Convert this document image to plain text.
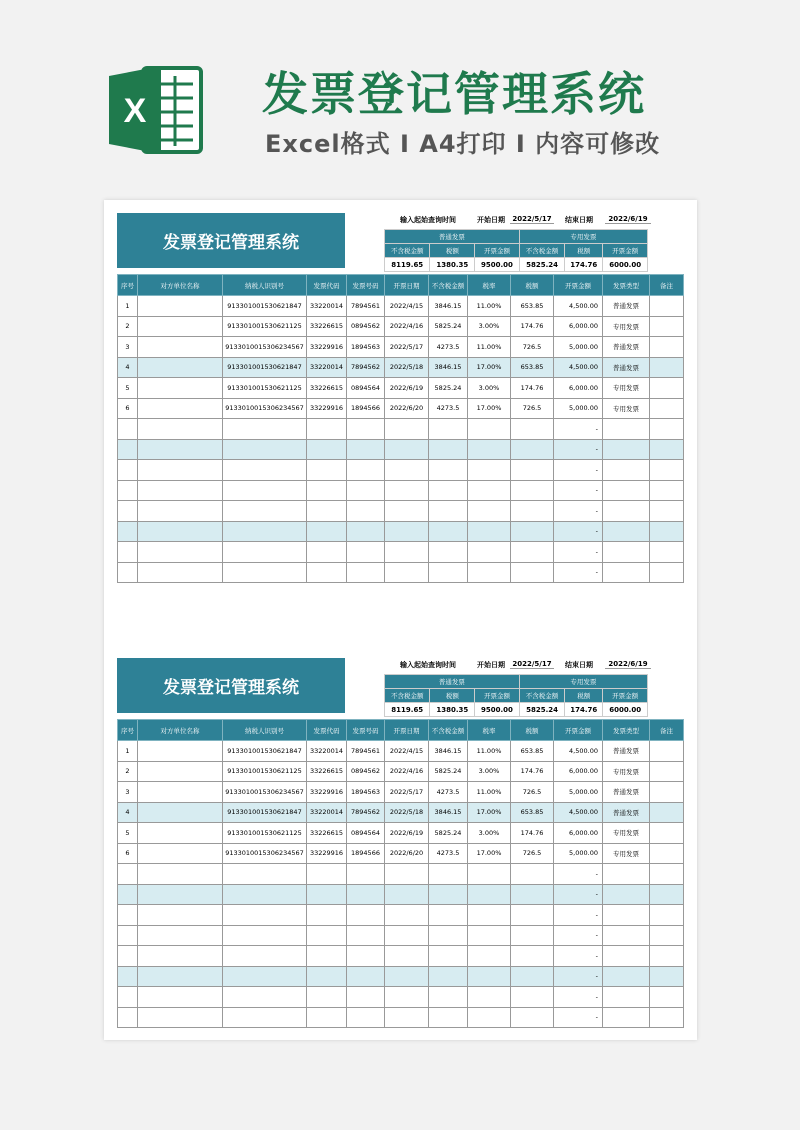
X	发票登记管理系统
Excel格式 I A4打印 I 内容可修改
发票登记管理系统
输入起始查询时间	开始日期	2022/5/17	结束日期	2022/6/19
普通发票			专用发票		
不含税金额	税额	开票金额	不含税金额	税额	开票金额
8119.65	1380.35	9500.00	5825.24	174.76	6000.00
序号	对方单位名称	纳税人识别号	发票代码	发票号码	开票日期	不含税金额	税率	税额	开票金额	发票类型	备注
1		913301001530621847	33220014	7894561	2022/4/15	3846.15	11.00%	653.85	4,500.00	普通发票	
2		913301001530621125	33226615	0894562	2022/4/16	5825.24	3.00%	174.76	6,000.00	专用发票	
3		9133010015306234567	33229916	1894563	2022/5/17	4273.5	11.00%	726.5	5,000.00	普通发票	
4		913301001530621847	33220014	7894562	2022/5/18	3846.15	17.00%	653.85	4,500.00	普通发票	
5		913301001530621125	33226615	0894564	2022/6/19	5825.24	3.00%	174.76	6,000.00	专用发票	
6		9133010015306234567	33229916	1894566	2022/6/20	4273.5	17.00%	726.5	5,000.00	专用发票	
									-		
									-		
									-		
									-		
									-		
									-		
									-		
									-		
发票登记管理系统
输入起始查询时间	开始日期	2022/5/17	结束日期	2022/6/19
普通发票			专用发票		
不含税金额	税额	开票金额	不含税金额	税额	开票金额
8119.65	1380.35	9500.00	5825.24	174.76	6000.00
序号	对方单位名称	纳税人识别号	发票代码	发票号码	开票日期	不含税金额	税率	税额	开票金额	发票类型	备注
1		913301001530621847	33220014	7894561	2022/4/15	3846.15	11.00%	653.85	4,500.00	普通发票	
2		913301001530621125	33226615	0894562	2022/4/16	5825.24	3.00%	174.76	6,000.00	专用发票	
3		9133010015306234567	33229916	1894563	2022/5/17	4273.5	11.00%	726.5	5,000.00	普通发票	
4		913301001530621847	33220014	7894562	2022/5/18	3846.15	17.00%	653.85	4,500.00	普通发票	
5		913301001530621125	33226615	0894564	2022/6/19	5825.24	3.00%	174.76	6,000.00	专用发票	
6		9133010015306234567	33229916	1894566	2022/6/20	4273.5	17.00%	726.5	5,000.00	专用发票	
									-		
									-		
									-		
									-		
									-		
									-		
									-		
									-		
